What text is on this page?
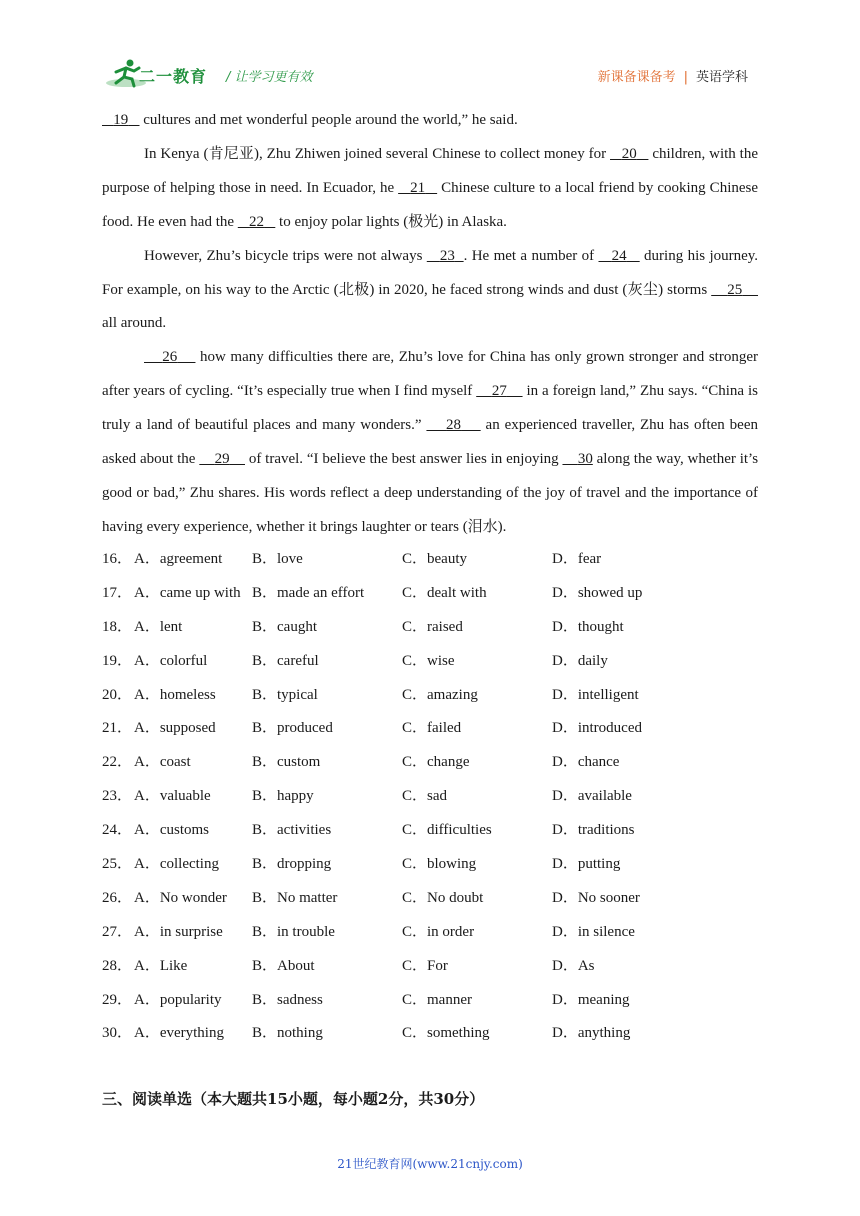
二一教育 / 让学习更有效	新课备课备考 | 英语学科

19    cultures and met wonderful people around the world,” he said.

In Kenya (肯尼亚), Zhu Zhiwen joined several Chinese to collect money for    20    children, with the purpose of helping those in need. In Ecuador, he    21    Chinese culture to a local friend by cooking Chinese food. He even had the    22    to enjoy polar lights (极光) in Alaska.

However, Zhu’s bicycle trips were not always    23 . He met a number of    24    during his journey. For example, on his way to the Arctic (北极) in 2020, he faced strong winds and dust (灰尘) storms     25     all around.

26     how many difficulties there are, Zhu’s love for China has only grown stronger and stronger after years of cycling. “It’s especially true when I find myself     27     in a foreign land,” Zhu says. “China is truly a land of beautiful places and many wonders.”     28     an experienced traveller, Zhu has often been asked about the     29     of travel. “I believe the best answer lies in enjoying     30 along the way, whether it’s good or bad,” Zhu shares. His words reflect a deep understanding of the joy of travel and the importance of having every experience, whether it brings laughter or tears (泪水).

16． A．agreement B．love	C．beauty	D．fear
17． A．came up with B．made an effort	C．dealt with	D．showed up
18． A．lent	B．caught	C．raised	D．thought
19． A．colorful	B．careful	C．wise	D．daily
20． A．homeless B．typical	C．amazing	D．intelligent
21． A．supposed B．produced	C．failed	D．introduced
22． A．coast	B．custom	C．change	D．chance
23． A．valuable	B．happy	C．sad	D．available
24． A．customs	B．activities	C．difficulties	D．traditions
25． A．collecting B．dropping	C．blowing	D．putting
26． A．No wonder B．No matter	C．No doubt	D．No sooner
27． A．in surprise B．in trouble	C．in order	D．in silence
28． A．Like	B．About	C．For	D．As
29． A．popularity B．sadness	C．manner	D．meaning
30． A．everything B．nothing	C．something	D．anything
三、阅读单选（本大题共15小题，每小题2分，共30分）
21世纪教育网(www.21cnjy.com)
